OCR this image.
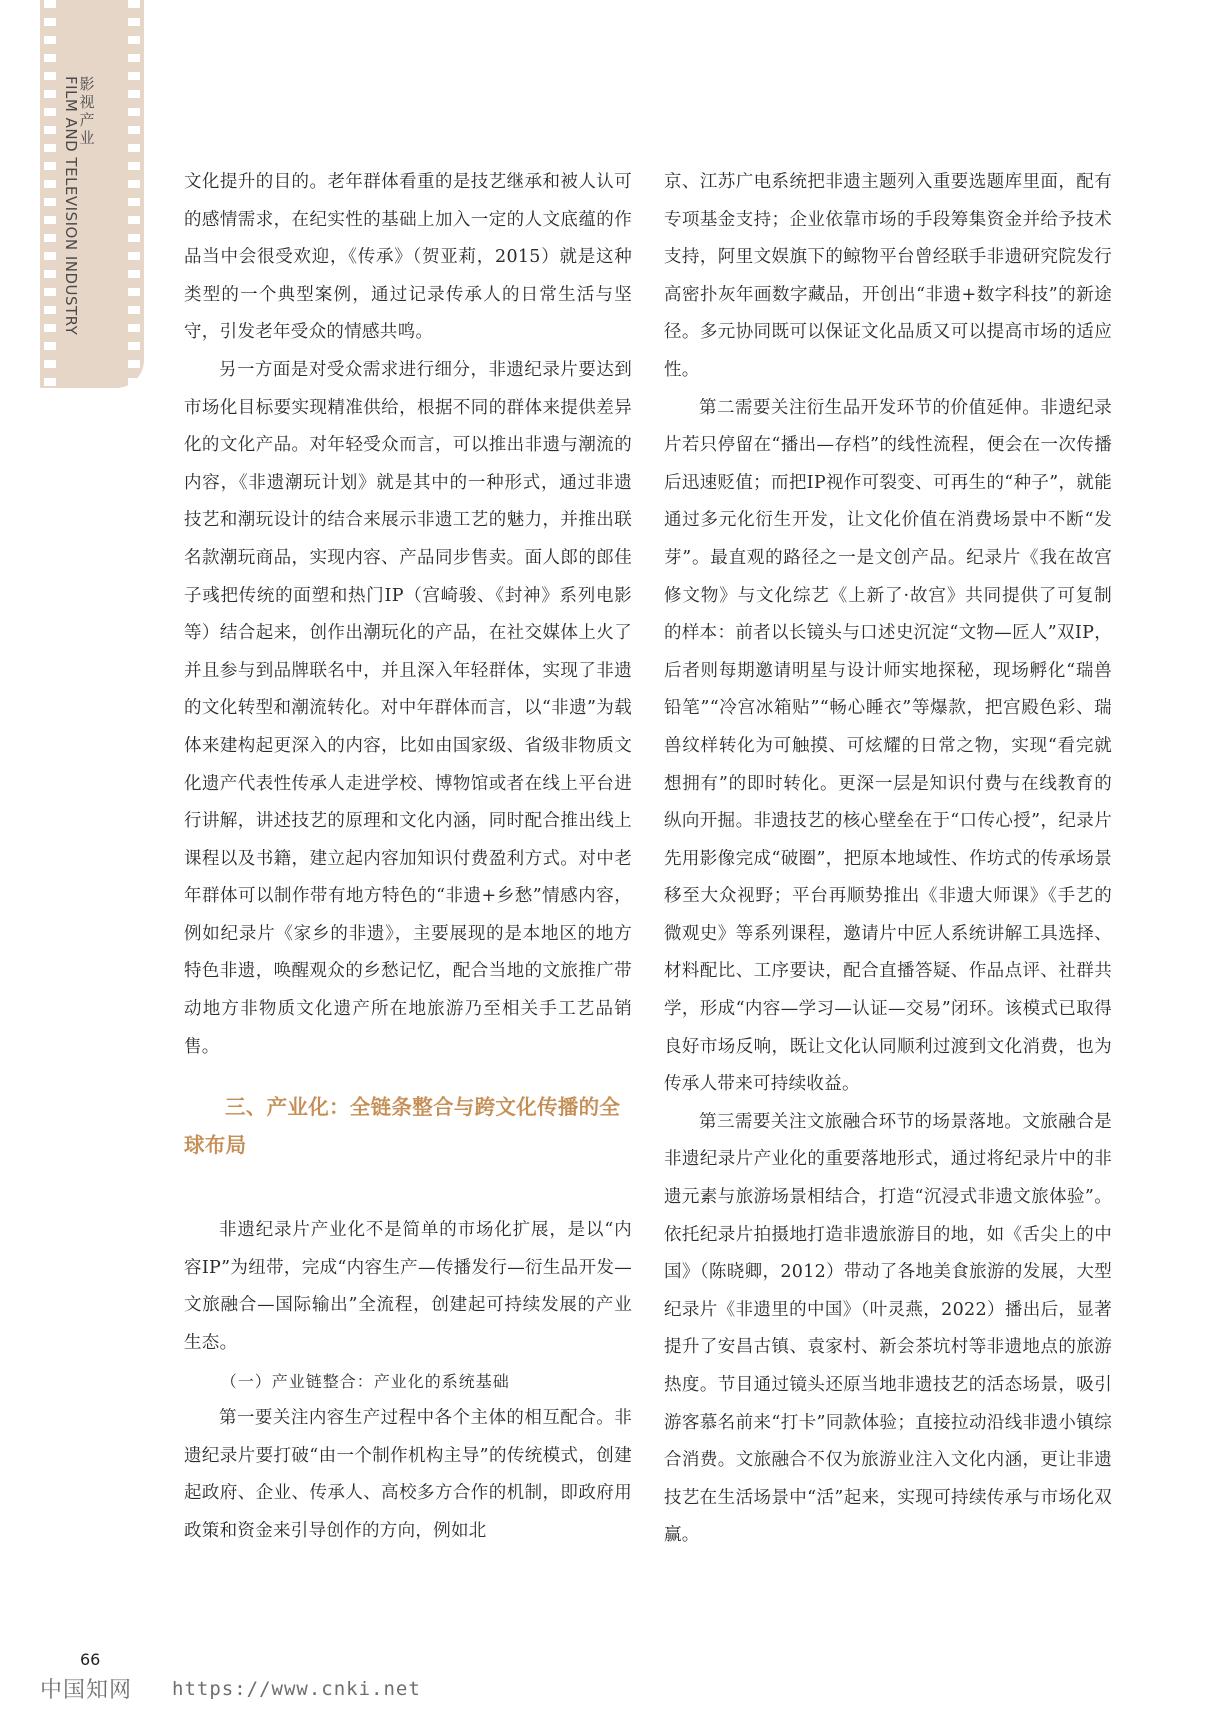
影视产业
FILM AND TELEVISION INDUSTRY	文化提升的目的。老年群体看重的是技艺继承和被人认可的感情需求，在纪实性的基础上加入一定的人文底蕴的作品当中会很受欢迎，《传承》（贺亚莉，2015）就是这种类型的一个典型案例，通过记录传承人的日常生活与坚守，引发老年受众的情感共鸣。

另一方面是对受众需求进行细分，非遗纪录片要达到市场化目标要实现精准供给，根据不同的群体来提供差异化的文化产品。对年轻受众而言，可以推出非遗与潮流的内容，《非遗潮玩计划》就是其中的一种形式，通过非遗技艺和潮玩设计的结合来展示非遗工艺的魅力，并推出联名款潮玩商品，实现内容、产品同步售卖。面人郎的郎佳子彧把传统的面塑和热门IP（宫崎骏、《封神》系列电影等）结合起来，创作出潮玩化的产品，在社交媒体上火了并且参与到品牌联名中，并且深入年轻群体，实现了非遗的文化转型和潮流转化。对中年群体而言，以“非遗”为载体来建构起更深入的内容，比如由国家级、省级非物质文化遗产代表性传承人走进学校、博物馆或者在线上平台进行讲解，讲述技艺的原理和文化内涵，同时配合推出线上课程以及书籍，建立起内容加知识付费盈利方式。对中老年群体可以制作带有地方特色的“非遗+乡愁”情感内容，例如纪录片《家乡的非遗》，主要展现的是本地区的地方特色非遗，唤醒观众的乡愁记忆，配合当地的文旅推广带动地方非物质文化遗产所在地旅游乃至相关手工艺品销售。

三、产业化：全链条整合与跨文化传播的全球布局

非遗纪录片产业化不是简单的市场化扩展，是以“内容IP”为纽带，完成“内容生产—传播发行—衍生品开发—文旅融合—国际输出”全流程，创建起可持续发展的产业生态。

（一）产业链整合：产业化的系统基础

第一要关注内容生产过程中各个主体的相互配合。非遗纪录片要打破“由一个制作机构主导”的传统模式，创建起政府、企业、传承人、高校多方合作的机制，即政府用政策和资金来引导创作的方向，例如北

京、江苏广电系统把非遗主题列入重要选题库里面，配有专项基金支持；企业依靠市场的手段筹集资金并给予技术支持，阿里文娱旗下的鲸物平台曾经联手非遗研究院发行高密扑灰年画数字藏品，开创出“非遗+数字科技”的新途径。多元协同既可以保证文化品质又可以提高市场的适应性。

第二需要关注衍生品开发环节的价值延伸。非遗纪录片若只停留在“播出—存档”的线性流程，便会在一次传播后迅速贬值；而把IP视作可裂变、可再生的“种子”，就能通过多元化衍生开发，让文化价值在消费场景中不断“发芽”。最直观的路径之一是文创产品。纪录片《我在故宫修文物》与文化综艺《上新了·故宫》共同提供了可复制的样本：前者以长镜头与口述史沉淀“文物—匠人”双IP，后者则每期邀请明星与设计师实地探秘，现场孵化“瑞兽铅笔”“冷宫冰箱贴”“畅心睡衣”等爆款，把宫殿色彩、瑞兽纹样转化为可触摸、可炫耀的日常之物，实现“看完就想拥有”的即时转化。更深一层是知识付费与在线教育的纵向开掘。非遗技艺的核心壁垒在于“口传心授”，纪录片先用影像完成“破圈”，把原本地域性、作坊式的传承场景移至大众视野；平台再顺势推出《非遗大师课》《手艺的微观史》等系列课程，邀请片中匠人系统讲解工具选择、材料配比、工序要诀，配合直播答疑、作品点评、社群共学，形成“内容—学习—认证—交易”闭环。该模式已取得良好市场反响，既让文化认同顺利过渡到文化消费，也为传承人带来可持续收益。

第三需要关注文旅融合环节的场景落地。文旅融合是非遗纪录片产业化的重要落地形式，通过将纪录片中的非遗元素与旅游场景相结合，打造“沉浸式非遗文旅体验”。依托纪录片拍摄地打造非遗旅游目的地，如《舌尖上的中国》（陈晓卿，2012）带动了各地美食旅游的发展，大型纪录片《非遗里的中国》（叶灵燕，2022）播出后，显著提升了安昌古镇、袁家村、新会茶坑村等非遗地点的旅游热度。节目通过镜头还原当地非遗技艺的活态场景，吸引游客慕名前来“打卡”同款体验；直接拉动沿线非遗小镇综合消费。文旅融合不仅为旅游业注入文化内涵，更让非遗技艺在生活场景中“活”起来，实现可持续传承与市场化双赢。

66
中国知网 https://www.cnki.net
